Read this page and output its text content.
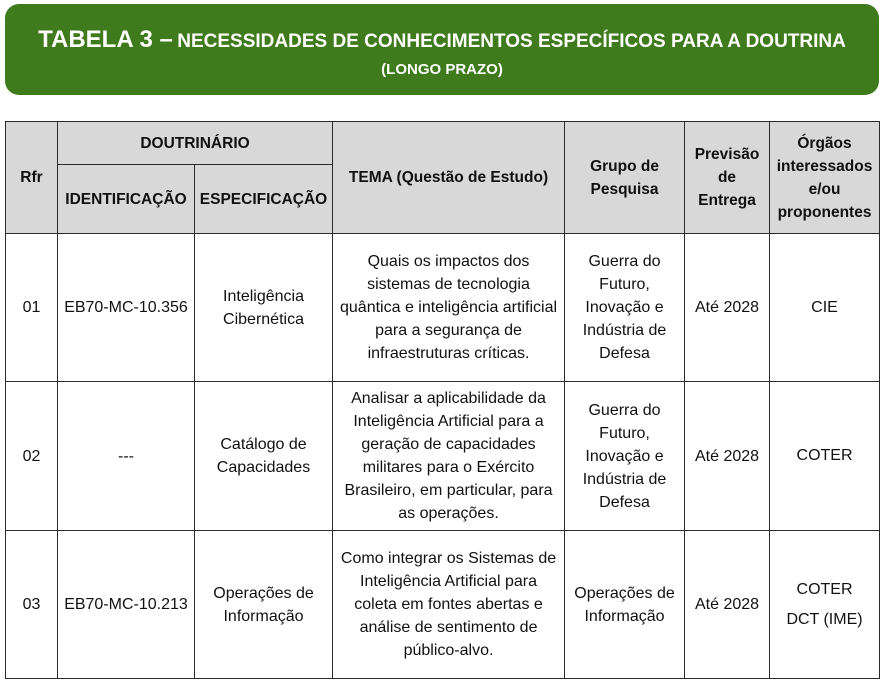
TABELA 3 – NECESSIDADES DE CONHECIMENTOS ESPECÍFICOS PARA A DOUTRINA
(LONGO PRAZO)
Rfr	DOUTRINÁRIO		TEMA (Questão de Estudo)	Grupo de Pesquisa	Previsão de Entrega	Órgãos interessados e/ou proponentes
	IDENTIFICAÇÃO	ESPECIFICAÇÃO				
01	EB70-MC-10.356	Inteligência Cibernética	Quais os impactos dos sistemas de tecnologia quântica e inteligência artificial para a segurança de infraestruturas críticas.	Guerra do Futuro, Inovação e Indústria de Defesa	Até 2028	CIE

02	---	Catálogo de Capacidades	Analisar a aplicabilidade da Inteligência Artificial para a geração de capacidades militares para o Exército Brasileiro, em particular, para as operações.	Guerra do Futuro, Inovação e Indústria de Defesa	Até 2028	COTER

03	EB70-MC-10.213	Operações de Informação	Como integrar os Sistemas de Inteligência Artificial para coleta em fontes abertas e análise de sentimento de público-alvo.	Operações de Informação	Até 2028	COTER
DCT (IME)
